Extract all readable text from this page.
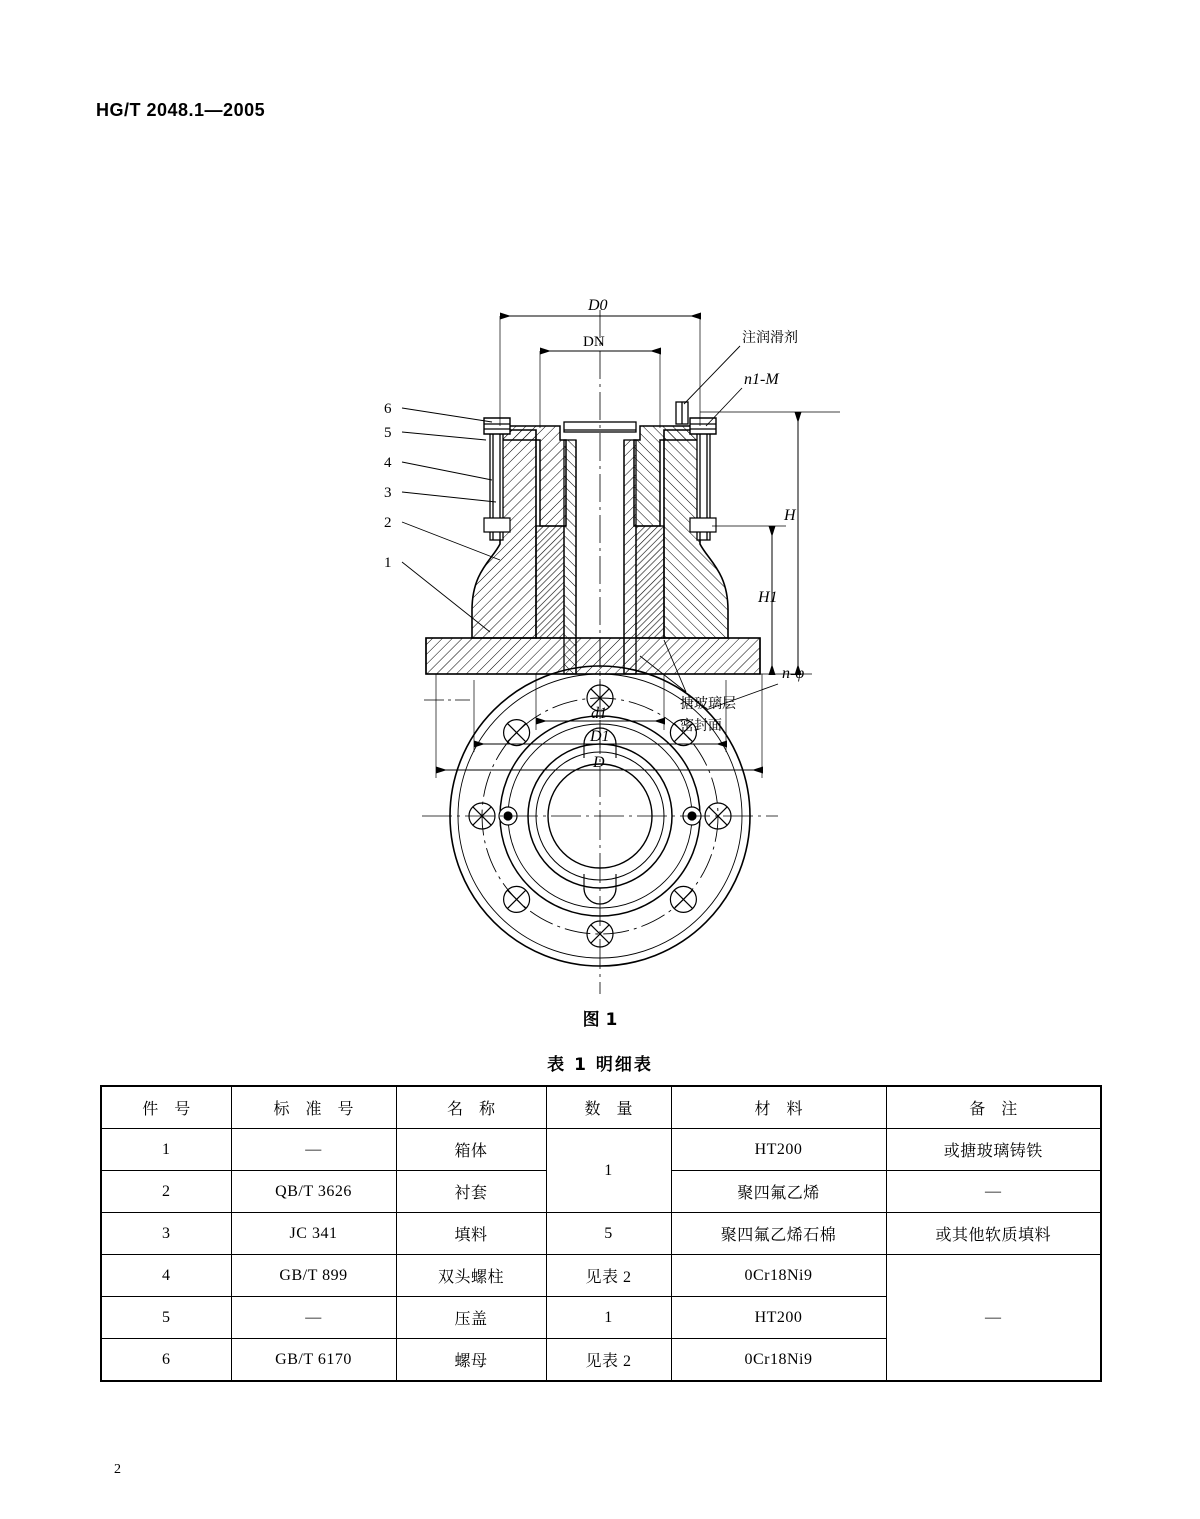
HG/T 2048.1—2005
D0
DN	注润滑剂
n1-M
H
H1
d1
D1
D
搪玻璃层
密封面
n-φ
6
5
4
3
2
1
图 1
表 1 明细表
件 号	标 准 号	名 称	数 量	材 料	备 注
1	—	箱体	1	HT200	或搪玻璃铸铁
2	QB/T 3626	衬套		聚四氟乙烯	—
3	JC 341	填料	5	聚四氟乙烯石棉	或其他软质填料
4	GB/T 899	双头螺柱	见表 2	0Cr18Ni9	—
5	—	压盖	1	HT200	
6	GB/T 6170	螺母	见表 2	0Cr18Ni9	
2
